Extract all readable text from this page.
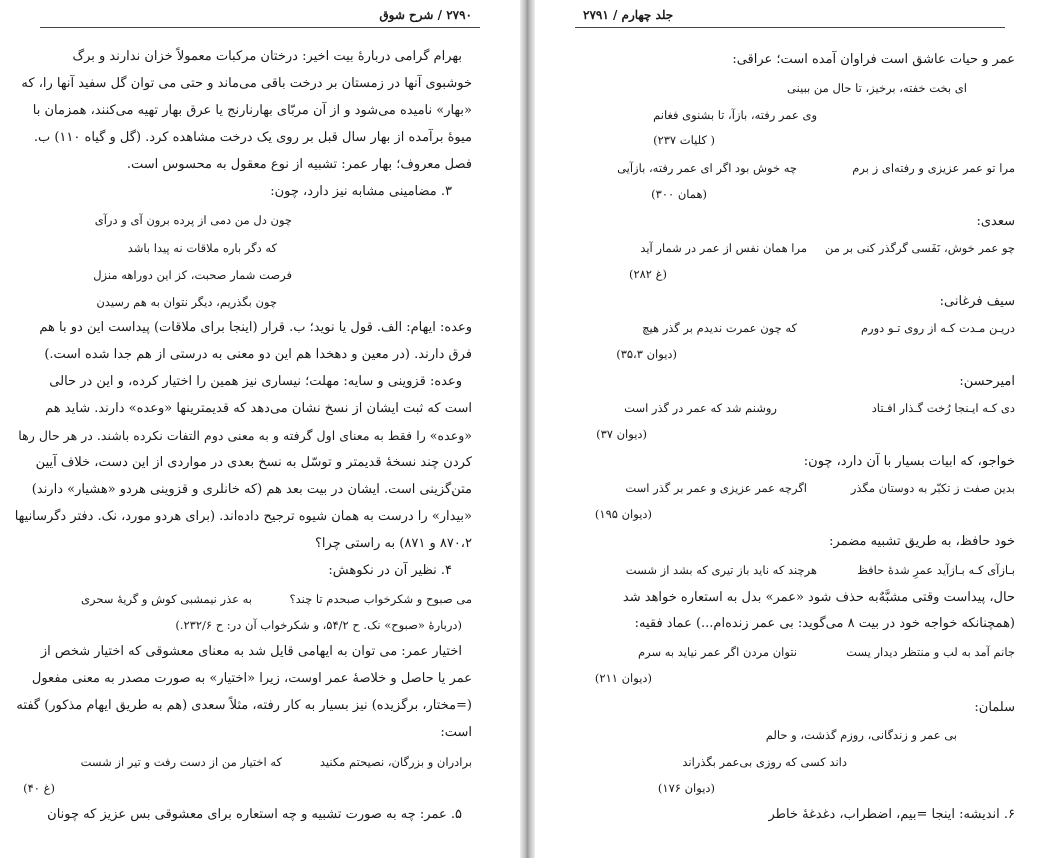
۲۷۹۰ / شرح شوق
بهرام گرامی دربارهٔ بیت اخیر: درختان مرکبات معمولاً خزان ندارند و برگ
خوشبوی آنها در زمستان بر درخت باقی می‌ماند و حتی می توان گل سفید آنها را، که
«بهار» نامیده می‌شود و از آن مربّای بهارنارنج یا عرق بهار تهیه می‌کنند، همزمان با
میوهٔ برآمده از بهار سال قبل بر روی یک درخت مشاهده کرد. (گل و گیاه ۱۱۰) ب.
فصل معروف؛ بهار عمر: تشبیه از نوع معقول به محسوس است.
۳. مضامینی مشابه نیز دارد، چون:
چون دل من دمی از پرده برون آی و درآی
که دگر باره ملاقات نه پیدا باشد
فرصت شمار صحبت، کز این دوراهه منزل
چون بگذریم، دیگر نتوان به هم رسیدن
وعده: ایهام: الف. قول یا نوید؛ ب. قرار (اینجا برای ملاقات) پیداست این دو با هم
فرق دارند. (در معین و دهخدا هم این دو معنی به درستی از هم جدا شده است.)
وعده: قزوینی و سایه: مهلت؛ نیساری نیز همین را اختیار کرده، و این در حالی
است که ثبت ایشان از نسخ نشان می‌دهد که قدیمترینها «وعده» دارند. شاید هم
«وعده» را فقط به معنای اول گرفته و به معنی دوم التفات نکرده باشند. در هر حال رها
کردن چند نسخهٔ قدیمتر و توسّل به نسخ بعدی در مواردی از این دست، خلاف آیین
متن‌گزینی است. ایشان در بیت بعد هم (که خانلری و قزوینی هردو «هشیار» دارند)
«بیدار» را درست به همان شیوه ترجیح داده‌اند. (برای هردو مورد، نک. دفتر دگرسانیها
۸۷۰،۲ و ۸۷۱) به راستی چرا؟
۴. نظیر آن در نکوهش:
می صبوح و شکرخواب صبحدم تا چند؟
به عذر نیمشبی کوش و گریهٔ سحری
(دربارهٔ «صبوح» نک. ح ۵۴/۲، و شکرخواب آن در: ح ۲۳۲/۶.)
اختیار عمر: می توان به ایهامی قایل شد به معنای معشوقی که اختیار شخص از
عمر یا حاصل و خلاصهٔ عمر اوست، زیرا «اختیار» به صورت مصدر به معنی مفعول
(=مختار، برگزیده) نیز بسیار به کار رفته، مثلاً سعدی (هم به طریق ایهام مذکور) گفته
است:
برادران و بزرگان، نصیحتم مکنید
که اختیار من از دست رفت و تیر از شست
(غ ۴۰)
۵. عمر: چه به صورت تشبیه و چه استعاره برای معشوقی بس عزیز که چونان
جلد چهارم / ۲۷۹۱
عمر و حیات عاشق است فراوان آمده است؛ عراقی:
ای بخت خفته، برخیز، تا حال من ببینی
وی عمر رفته، بازآ، تا بشنوی فغانم
( کلیات ۲۳۷)
مرا تو عمر عزیزی و رفته‌ای ز برم
چه خوش بود اگر ای عمر رفته، بازآیی
(همان ۳۰۰)
سعدی:
چو عمر خوش، نَفَسی گرگذر کنی بر من
مرا همان نفس از عمر در شمار آید
(غ ۲۸۲)
سیف فرغانی:
دریـن مـدت کـه از روی تـو دورم
که چون عمرت ندیدم بر گذر هیچ
(دیوان ۳۵،۳)
امیرحسن:
دی کـه ایـنجا رُخت گـذار افـتاد
روشنم شد که عمر در گذر است
(دیوان ۳۷)
خواجو، که ابیات بسیار با آن دارد، چون:
بدین صفت ز تکبّر به دوستان مگذر
اگرچه عمر عزیزی و عمر بر گذر است
(دیوان ۱۹۵)
خود حافظ، به طریق تشبیه مضمر:
بـازآی کـه بـازآید عمرِ شدهٔ حافظ
هرچند که ناید باز تیری که بشد از شست
حال، پیداست وقتی مشبَّهٌ‌به حذف شود «عمر» بدل به استعاره خواهد شد
(همچنانکه خواجه خود در بیت ۸ می‌گوید: بی عمر زنده‌ام...) عماد فقیه:
جانم آمد به لب و منتظر دیدار یست
نتوان مردن اگر عمر نیاید به سرم
(دیوان ۲۱۱)
سلمان:
بی عمر و زندگانی، روزم گذشت، و حالم
داند کسی که روزی بی‌عمر بگذراند
(دیوان ۱۷۶)
۶. اندیشه: اینجا =بیم، اضطراب، دغدغهٔ خاطر
